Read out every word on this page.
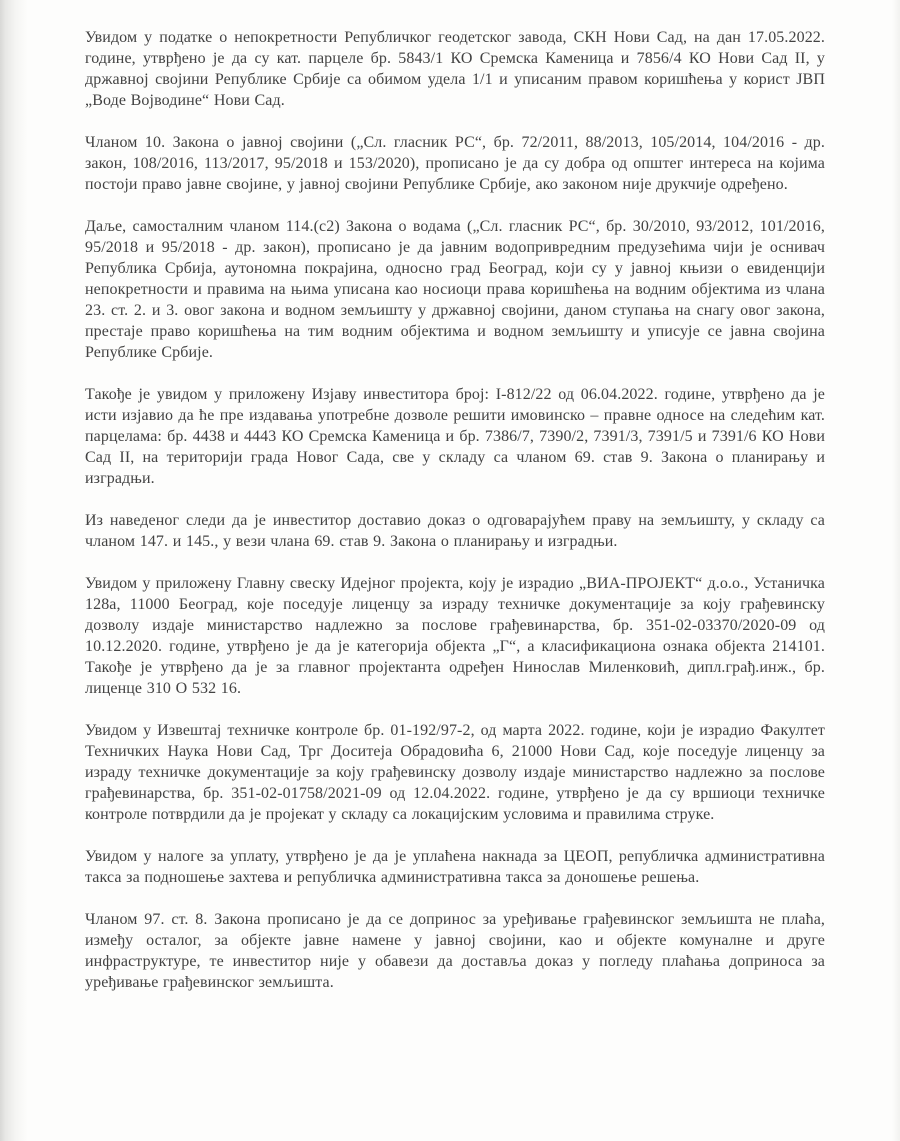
Увидом у податке о непокретности Републичког геодетског завода, СКН Нови Сад, на дан 17.05.2022. године, утврђено је да су кат. парцеле бр. 5843/1 КО Сремска Каменица и 7856/4 КО Нови Сад II, у државној својини Републике Србије са обимом удела 1/1 и уписаним правом коришћења у корист ЈВП „Воде Војводине“ Нови Сад.

Чланом 10. Закона о јавној својини („Сл. гласник РС“, бр. 72/2011, 88/2013, 105/2014, 104/2016 - др. закон, 108/2016, 113/2017, 95/2018 и 153/2020), прописано је да су добра од општег интереса на којима постоји право јавне својине, у јавној својини Републике Србије, ако законом није друкчије одређено.

Даље, самосталним чланом 114.(с2) Закона о водама („Сл. гласник РС“, бр. 30/2010, 93/2012, 101/2016, 95/2018 и 95/2018 - др. закон), прописано је да јавним водопривредним предузећима чији је оснивач Република Србија, аутономна покрајина, односно град Београд, који су у јавној књизи о евиденцији непокретности и правима на њима уписана као носиоци права коришћења на водним објектима из члана 23. ст. 2. и 3. овог закона и водном земљишту у државној својини, даном ступања на снагу овог закона, престаје право коришћења на тим водним објектима и водном земљишту и уписује се јавна својина Републике Србије.

Такође је увидом у приложену Изјаву инвеститора број: I-812/22 од 06.04.2022. године, утврђено да је исти изјавио да ће пре издавања употребне дозволе решити имовинско – правне односе на следећим кат. парцелама: бр. 4438 и 4443 КО Сремска Каменица и бр. 7386/7, 7390/2, 7391/3, 7391/5 и 7391/6 КО Нови Сад II, на територији града Новог Сада, све у складу са чланом 69. став 9. Закона о планирању и изградњи.

Из наведеног следи да је инвеститор доставио доказ о одговарајућем праву на земљишту, у складу са чланом 147. и 145., у вези члана 69. став 9. Закона о планирању и изградњи.

Увидом у приложену Главну свеску Идејног пројекта, коју је израдио „ВИА-ПРОЈЕКТ“ д.о.о., Устаничка 128а, 11000 Београд, које поседује лиценцу за израду техничке документације за коју грађевинску дозволу издаје министарство надлежно за послове грађевинарства, бр. 351-02-03370/2020-09 од 10.12.2020. године, утврђено је да је категорија објекта „Г“, а класификациона ознака објекта 214101. Такође је утврђено да је за главног пројектанта одређен Нинослав Миленковић, дипл.грађ.инж., бр. лиценце 310 О 532 16.

Увидом у Извештај техничке контроле бр. 01-192/97-2, од марта 2022. године, који је израдио Факултет Техничких Наука Нови Сад, Трг Доситеја Обрадовића 6, 21000 Нови Сад, које поседује лиценцу за израду техничке документације за коју грађевинску дозволу издаје министарство надлежно за послове грађевинарства, бр. 351-02-01758/2021-09 од 12.04.2022. године, утврђено је да су вршиоци техничке контроле потврдили да је пројекат у складу са локацијским условима и правилима струке.

Увидом у налоге за уплату, утврђено је да је уплаћена накнада за ЦЕОП, републичка административна такса за подношење захтева и републичка административна такса за доношење решења.

Чланом 97. ст. 8. Закона прописано је да се допринос за уређивање грађевинског земљишта не плаћа, између осталог, за објекте јавне намене у јавној својини, као и објекте комуналне и друге инфраструктуре, те инвеститор није у обавези да доставља доказ у погледу плаћања доприноса за уређивање грађевинског земљишта.
